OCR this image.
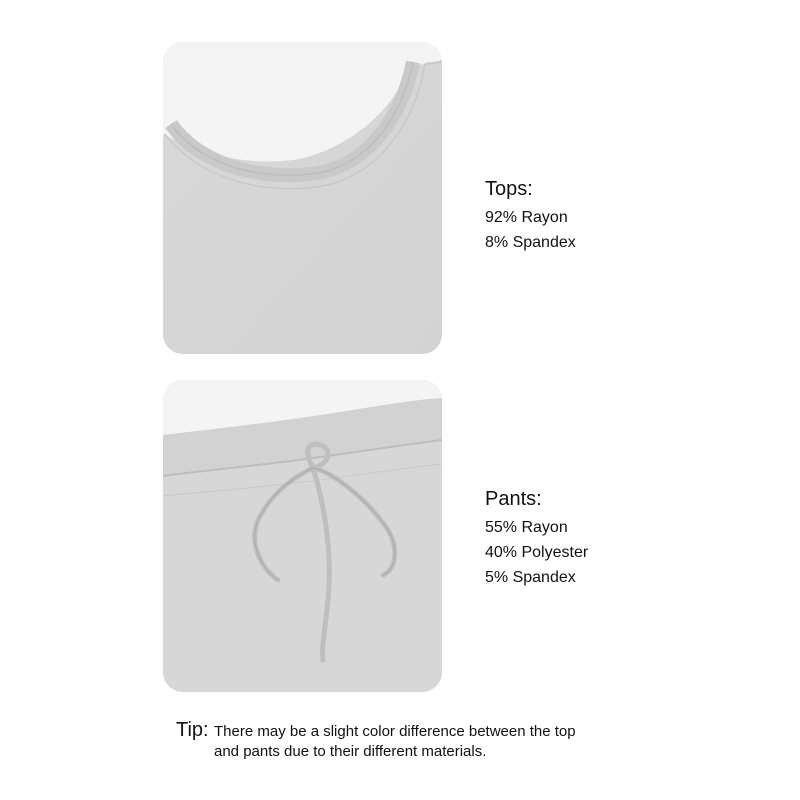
Tops:
92% Rayon
8% Spandex
Pants:
55% Rayon
40% Polyester
5% Spandex
Tip: There may be a slight color difference between the top
and pants due to their different materials.
